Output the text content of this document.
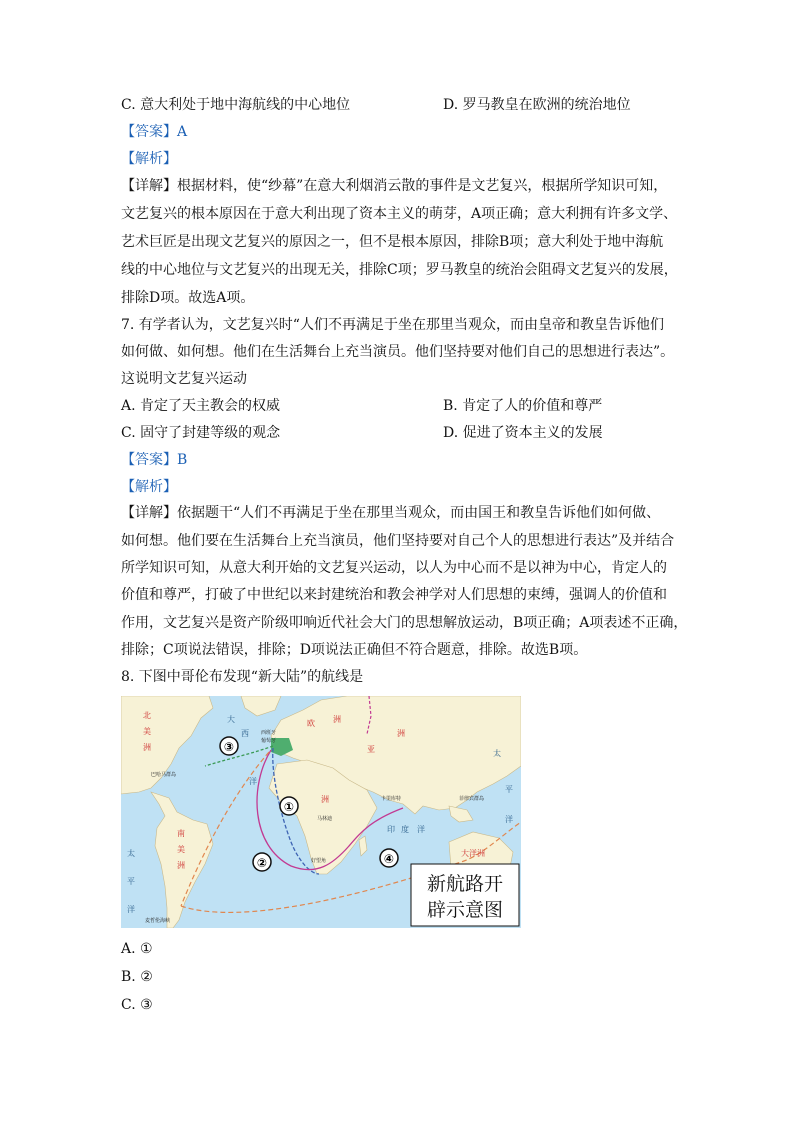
C. 意大利处于地中海航线的中心地位	D. 罗马教皇在欧洲的统治地位
【答案】A
【解析】
【详解】根据材料，使“纱幕”在意大利烟消云散的事件是文艺复兴，根据所学知识可知，
文艺复兴的根本原因在于意大利出现了资本主义的萌芽，A项正确；意大利拥有许多文学、
艺术巨匠是出现文艺复兴的原因之一，但不是根本原因，排除B项；意大利处于地中海航
线的中心地位与文艺复兴的出现无关，排除C项；罗马教皇的统治会阻碍文艺复兴的发展，
排除D项。故选A项。
7. 有学者认为，文艺复兴时“人们不再满足于坐在那里当观众，而由皇帝和教皇告诉他们
如何做、如何想。他们在生活舞台上充当演员。他们坚持要对他们自己的思想进行表达”。
这说明文艺复兴运动
A. 肯定了天主教会的权威	B. 肯定了人的价值和尊严
C. 固守了封建等级的观念	D. 促进了资本主义的发展
【答案】B
【解析】
【详解】依据题干“人们不再满足于坐在那里当观众，而由国王和教皇告诉他们如何做、
如何想。他们要在生活舞台上充当演员，他们坚持要对自己个人的思想进行表达”及并结合
所学知识可知，从意大利开始的文艺复兴运动，以人为中心而不是以神为中心，肯定人的
价值和尊严，打破了中世纪以来封建统治和教会神学对人们思想的束缚，强调人的价值和
作用，文艺复兴是资产阶级叩响近代社会大门的思想解放运动，B项正确；A项表述不正确，
排除；C项说法错误，排除；D项说法正确但不符合题意，排除。故选B项。
8. 下图中哥伦布发现“新大陆”的航线是
③
①
②	④
北
美
洲
南
美
洲
欧 洲
亚
洲
洲
大洋洲
大
西
洋
印 度 洋
太
平
洋
太
平
洋
西班牙
葡萄牙
巴哈马群岛
马林迪
卡里库特	菲律宾群岛
好望角
麦哲伦海峡
新航路开
辟示意图
A. ①
B. ②
C. ③
